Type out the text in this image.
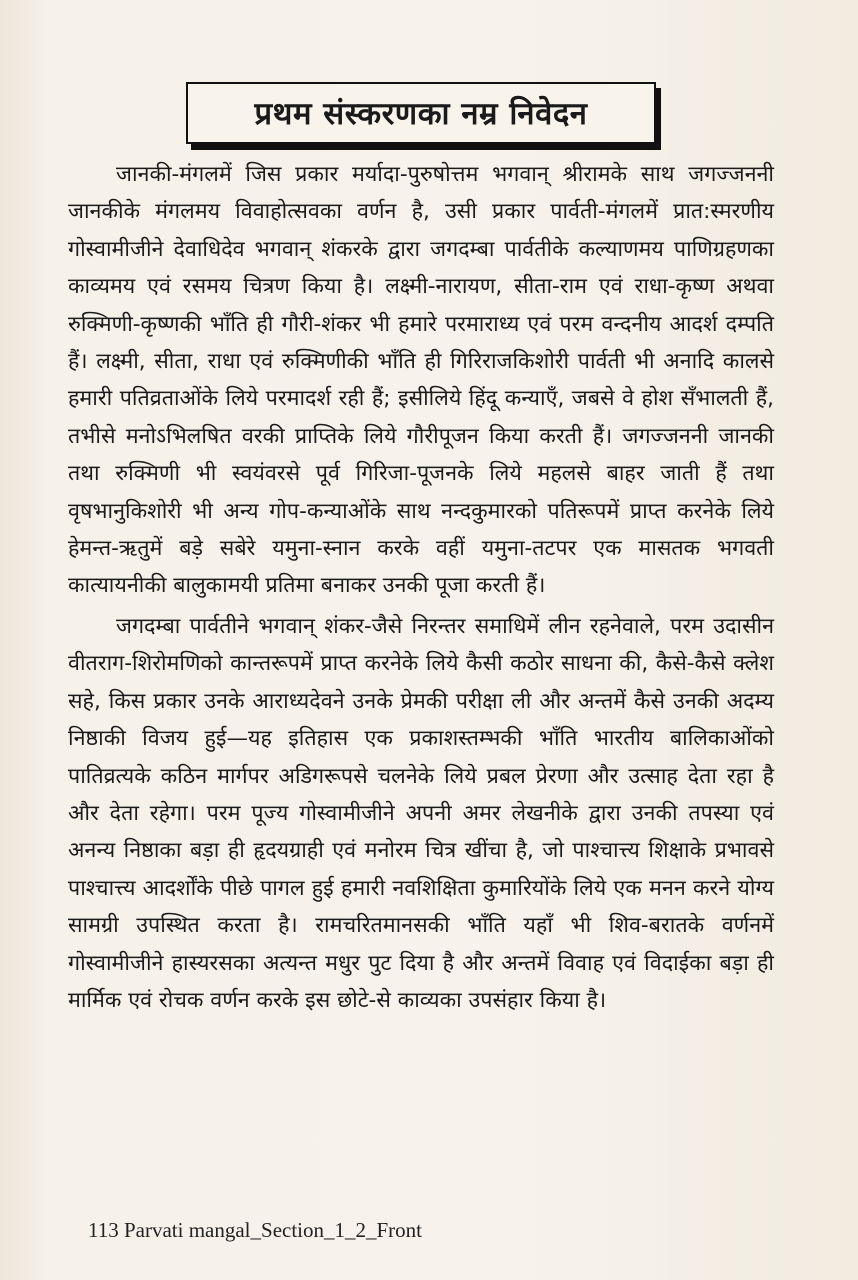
प्रथम संस्करणका नम्र निवेदन

जानकी-मंगलमें जिस प्रकार मर्यादा-पुरुषोत्तम भगवान् श्रीरामके साथ जगज्जननी जानकीके मंगलमय विवाहोत्सवका वर्णन है, उसी प्रकार पार्वती-मंगलमें प्रात:स्मरणीय गोस्वामीजीने देवाधिदेव भगवान् शंकरके द्वारा जगदम्बा पार्वतीके कल्याणमय पाणिग्रहणका काव्यमय एवं रसमय चित्रण किया है। लक्ष्मी-नारायण, सीता-राम एवं राधा-कृष्ण अथवा रुक्मिणी-कृष्णकी भाँति ही गौरी-शंकर भी हमारे परमाराध्य एवं परम वन्दनीय आदर्श दम्पति हैं। लक्ष्मी, सीता, राधा एवं रुक्मिणीकी भाँति ही गिरिराजकिशोरी पार्वती भी अनादि कालसे हमारी पतिव्रताओंके लिये परमादर्श रही हैं; इसीलिये हिंदू कन्याएँ, जबसे वे होश सँभालती हैं, तभीसे मनोऽभिलषित वरकी प्राप्तिके लिये गौरीपूजन किया करती हैं। जगज्जननी जानकी तथा रुक्मिणी भी स्वयंवरसे पूर्व गिरिजा-पूजनके लिये महलसे बाहर जाती हैं तथा वृषभानुकिशोरी भी अन्य गोप-कन्याओंके साथ नन्दकुमारको पतिरूपमें प्राप्त करनेके लिये हेमन्त-ऋतुमें बड़े सबेरे यमुना-स्नान करके वहीं यमुना-तटपर एक मासतक भगवती कात्यायनीकी बालुकामयी प्रतिमा बनाकर उनकी पूजा करती हैं।

जगदम्बा पार्वतीने भगवान् शंकर-जैसे निरन्तर समाधिमें लीन रहनेवाले, परम उदासीन वीतराग-शिरोमणिको कान्तरूपमें प्राप्त करनेके लिये कैसी कठोर साधना की, कैसे-कैसे क्लेश सहे, किस प्रकार उनके आराध्यदेवने उनके प्रेमकी परीक्षा ली और अन्तमें कैसे उनकी अदम्य निष्ठाकी विजय हुई—यह इतिहास एक प्रकाशस्तम्भकी भाँति भारतीय बालिकाओंको पातिव्रत्यके कठिन मार्गपर अडिगरूपसे चलनेके लिये प्रबल प्रेरणा और उत्साह देता रहा है और देता रहेगा। परम पूज्य गोस्वामीजीने अपनी अमर लेखनीके द्वारा उनकी तपस्या एवं अनन्य निष्ठाका बड़ा ही हृदयग्राही एवं मनोरम चित्र खींचा है, जो पाश्चात्त्य शिक्षाके प्रभावसे पाश्चात्त्य आदर्शोंके पीछे पागल हुई हमारी नवशिक्षिता कुमारियोंके लिये एक मनन करने योग्य सामग्री उपस्थित करता है। रामचरितमानसकी भाँति यहाँ भी शिव-बरातके वर्णनमें गोस्वामीजीने हास्यरसका अत्यन्त मधुर पुट दिया है और अन्तमें विवाह एवं विदाईका बड़ा ही मार्मिक एवं रोचक वर्णन करके इस छोटे-से काव्यका उपसंहार किया है।

113 Parvati mangal_Section_1_2_Front
